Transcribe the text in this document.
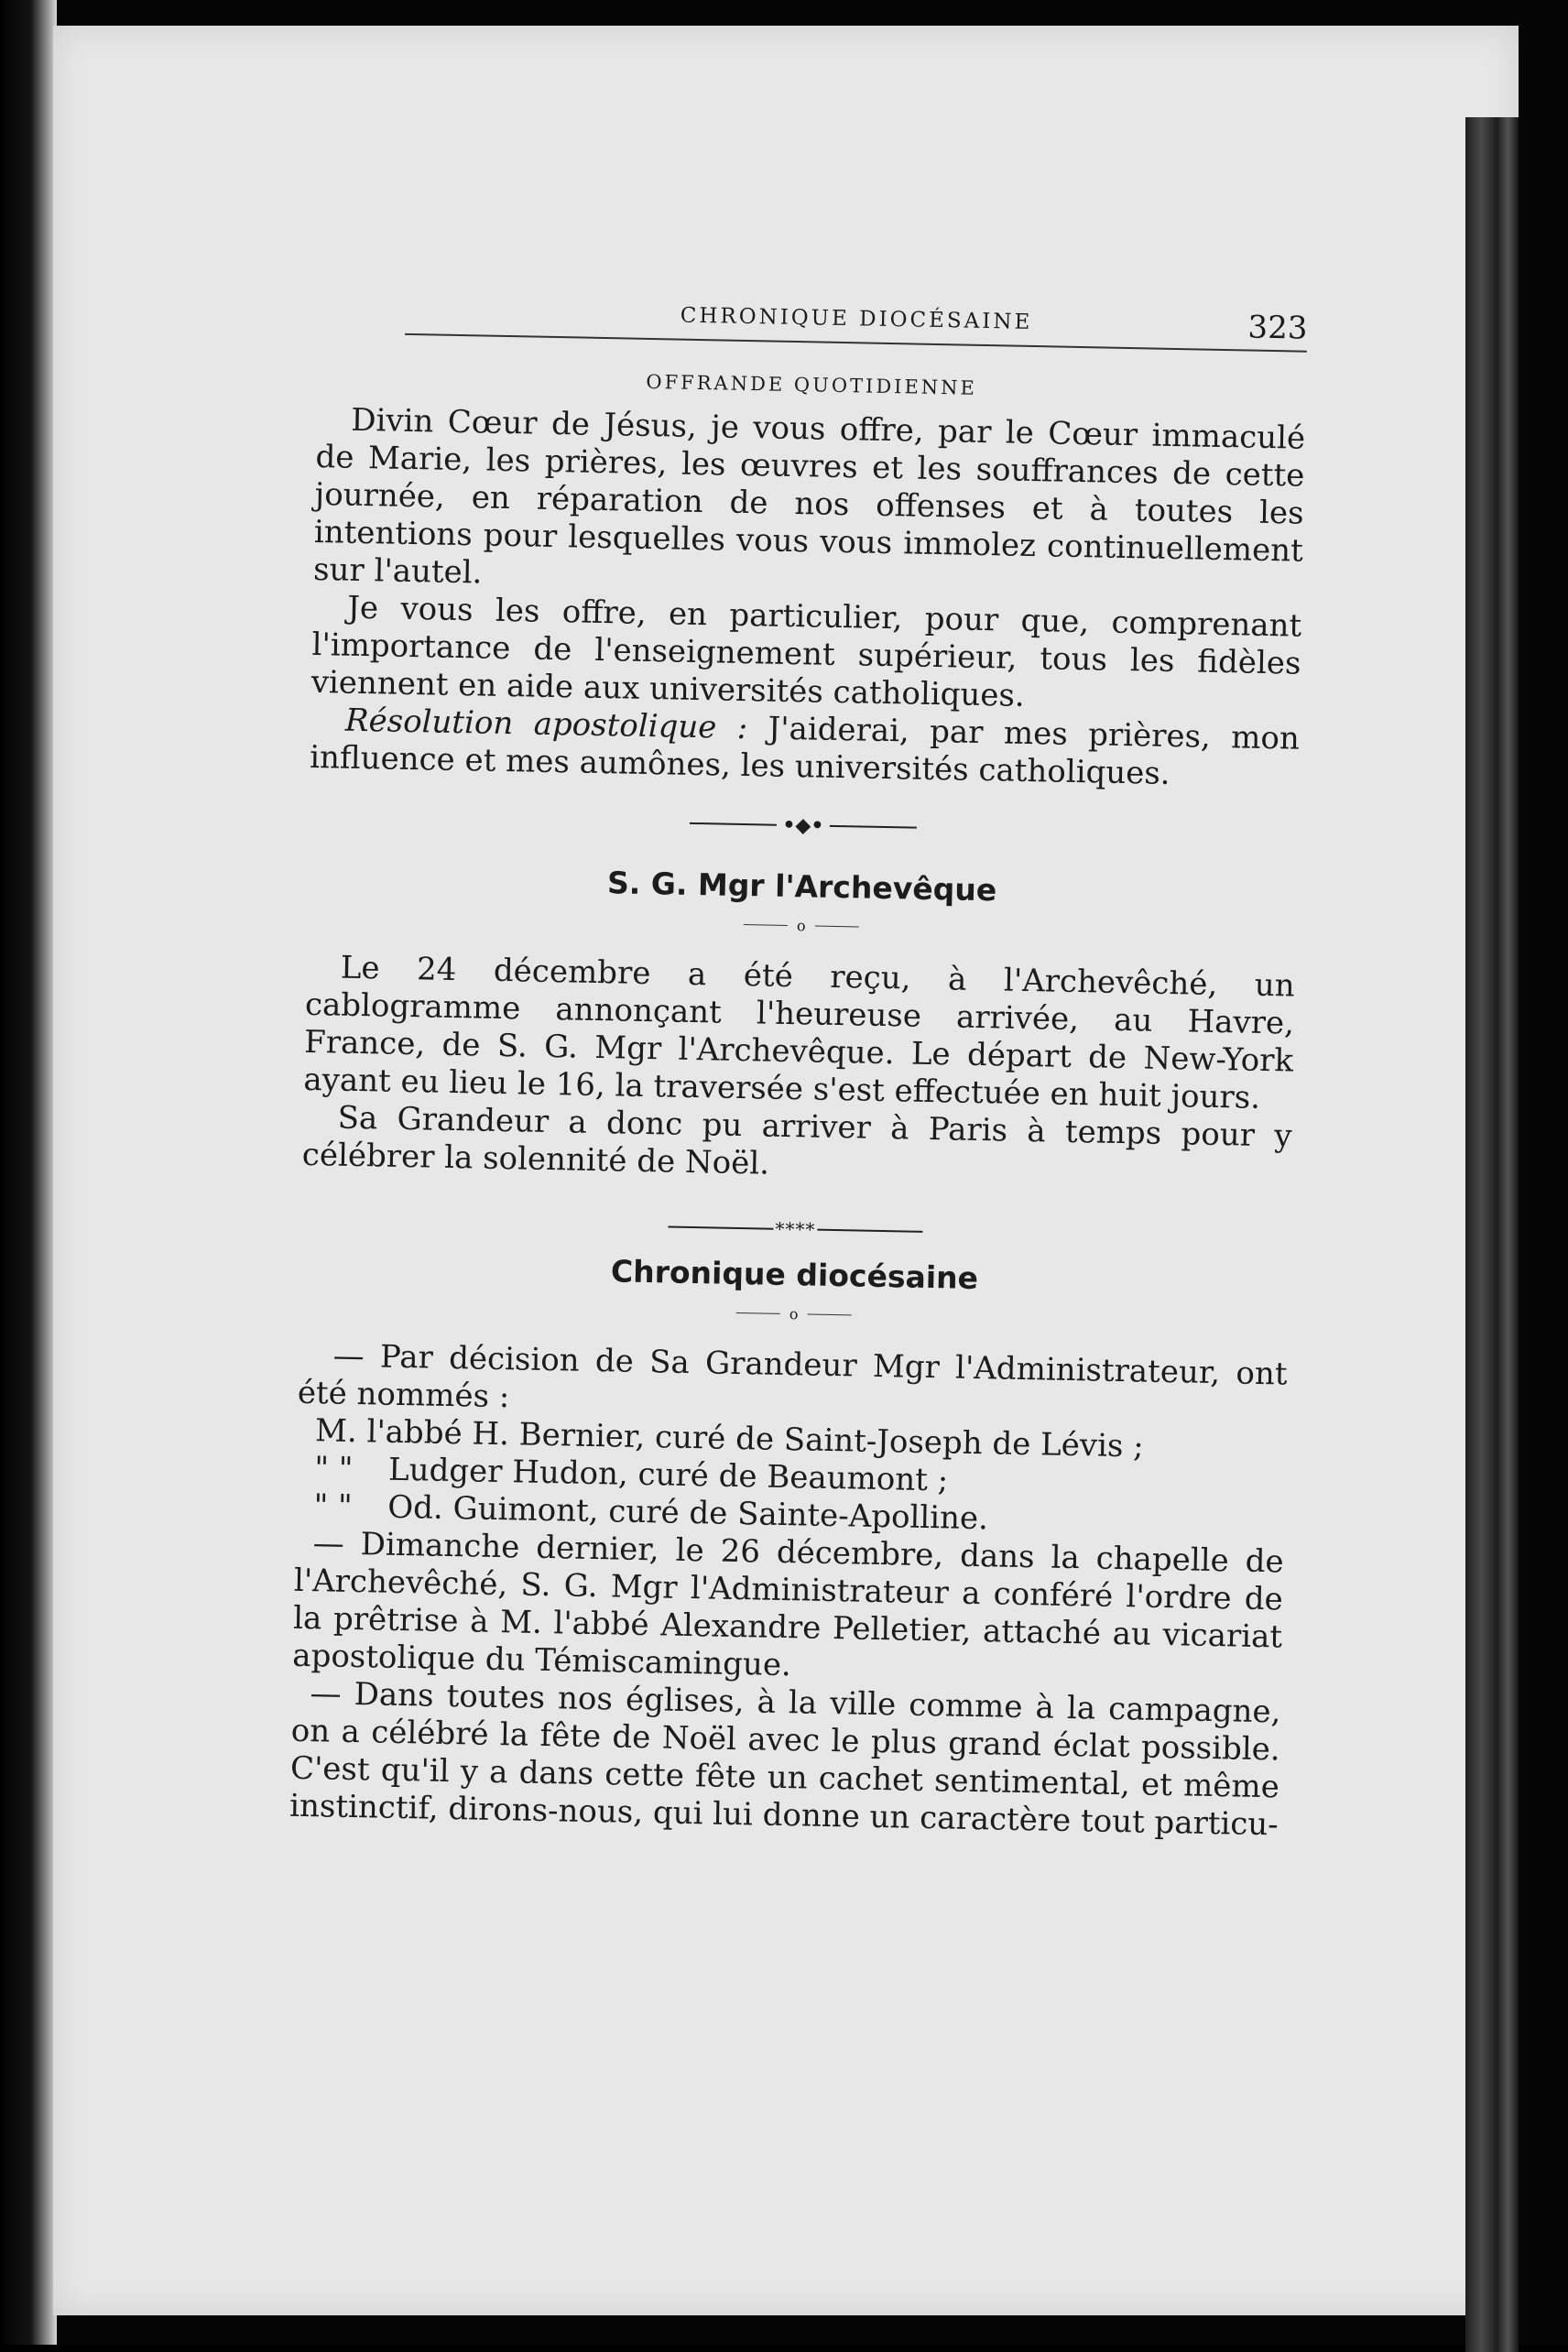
CHRONIQUE DIOCÉSAINE	323
OFFRANDE QUOTIDIENNE

Divin Cœur de Jésus, je vous offre, par le Cœur immaculé de Marie, les prières, les œuvres et les souffrances de cette journée, en réparation de nos offenses et à toutes les intentions pour lesquelles vous vous immolez continuellement sur l'autel.

Je vous les offre, en particulier, pour que, comprenant l'importance de l'enseignement supérieur, tous les fidèles viennent en aide aux universités catholiques.

Résolution apostolique : J'aiderai, par mes prières, mon influence et mes aumônes, les universités catholiques.

•◆•
S. G. Mgr l'Archevêque
o

Le 24 décembre a été reçu, à l'Archevêché, un cablogramme annonçant l'heureuse arrivée, au Havre, France, de S. G. Mgr l'Archevêque. Le départ de New-York ayant eu lieu le 16, la traversée s'est effectuée en huit jours.

Sa Grandeur a donc pu arriver à Paris à temps pour y célébrer la solennité de Noël.

****
Chronique diocésaine
o

— Par décision de Sa Grandeur Mgr l'Administrateur, ont été nommés :

M. l'abbé H. Bernier, curé de Saint-Joseph de Lévis ;

" " Ludger Hudon, curé de Beaumont ;

" " Od. Guimont, curé de Sainte-Apolline.

— Dimanche dernier, le 26 décembre, dans la chapelle de l'Archevêché, S. G. Mgr l'Administrateur a conféré l'ordre de la prêtrise à M. l'abbé Alexandre Pelletier, attaché au vicariat apostolique du Témiscamingue.

— Dans toutes nos églises, à la ville comme à la campagne, on a célébré la fête de Noël avec le plus grand éclat possible. C'est qu'il y a dans cette fête un cachet sentimental, et même instinctif, dirons-nous, qui lui donne un caractère tout particu-
